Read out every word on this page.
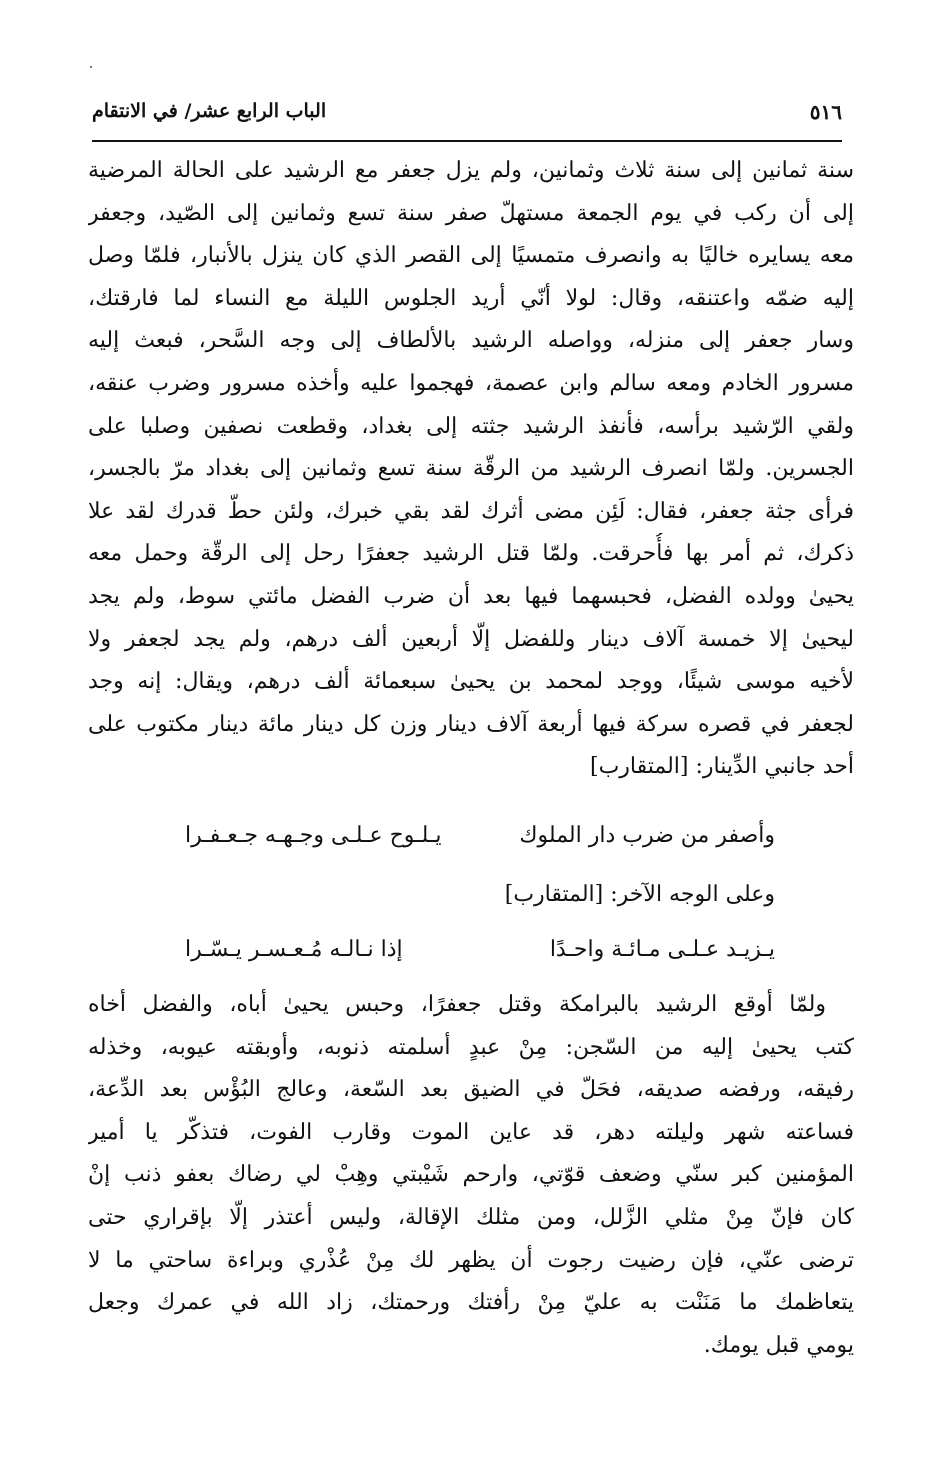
٥١٦
الباب الرابع عشر/ في الانتقام
سنة ثمانين إلى سنة ثلاث وثمانين، ولم يزل جعفر مع الرشيد على الحالة المرضية
إلى أن ركب في يوم الجمعة مستهلّ صفر سنة تسع وثمانين إلى الصّيد، وجعفر
معه يسايره خاليًا به وانصرف متمسيًا إلى القصر الذي كان ينزل بالأنبار، فلمّا وصل
إليه ضمّه واعتنقه، وقال: لولا أنّي أريد الجلوس الليلة مع النساء لما فارقتك،
وسار جعفر إلى منزله، وواصله الرشيد بالألطاف إلى وجه السَّحر، فبعث إليه
مسرور الخادم ومعه سالم وابن عصمة، فهجموا عليه وأخذه مسرور وضرب عنقه،
ولقي الرّشيد برأسه، فأنفذ الرشيد جثته إلى بغداد، وقطعت نصفين وصلبا على
الجسرين. ولمّا انصرف الرشيد من الرقّة سنة تسع وثمانين إلى بغداد مرّ بالجسر،
فرأى جثة جعفر، فقال: لَئِن مضى أثرك لقد بقي خبرك، ولئن حطّ قدرك لقد علا
ذكرك، ثم أمر بها فأُحرقت. ولمّا قتل الرشيد جعفرًا رحل إلى الرقّة وحمل معه
يحيىٰ وولده الفضل، فحبسهما فيها بعد أن ضرب الفضل مائتي سوط، ولم يجد
ليحيىٰ إلا خمسة آلاف دينار وللفضل إلّا أربعين ألف درهم، ولم يجد لجعفر ولا
لأخيه موسى شيئًا، ووجد لمحمد بن يحيىٰ سبعمائة ألف درهم، ويقال: إنه وجد
لجعفر في قصره سركة فيها أربعة آلاف دينار وزن كل دينار مائة دينار مكتوب على
أحد جانبي الدِّينار: [المتقارب]
وأصفر من ضرب دار الملوك
يـلـوح عـلـى وجـهـه جـعـفـرا
وعلى الوجه الآخر: [المتقارب]
يـزيـد عـلـى مـائـة واحـدًا
إذا نـالـه مُـعـسـر يـسّـرا
ولمّا أوقع الرشيد بالبرامكة وقتل جعفرًا، وحبس يحيىٰ أباه، والفضل أخاه
كتب يحيىٰ إليه من السّجن: مِنْ عبدٍ أسلمته ذنوبه، وأوبقته عيوبه، وخذله
رفيقه، ورفضه صديقه، فحَلّ في الضيق بعد السّعة، وعالج البُؤْس بعد الدِّعة،
فساعته شهر وليلته دهر، قد عاين الموت وقارب الفوت، فتذكّر يا أمير
المؤمنين كبر سنّي وضعف قوّتي، وارحم شَيْبتي وهِبْ لي رضاك بعفو ذنب إنْ
كان فإنّ مِنْ مثلي الزَّلل، ومن مثلك الإقالة، وليس أعتذر إلّا بإقراري حتى
ترضى عنّي، فإن رضيت رجوت أن يظهر لك مِنْ عُذْري وبراءة ساحتي ما لا
يتعاظمك ما مَنَنْت به عليّ مِنْ رأفتك ورحمتك، زاد الله في عمرك وجعل
يومي قبل يومك.
